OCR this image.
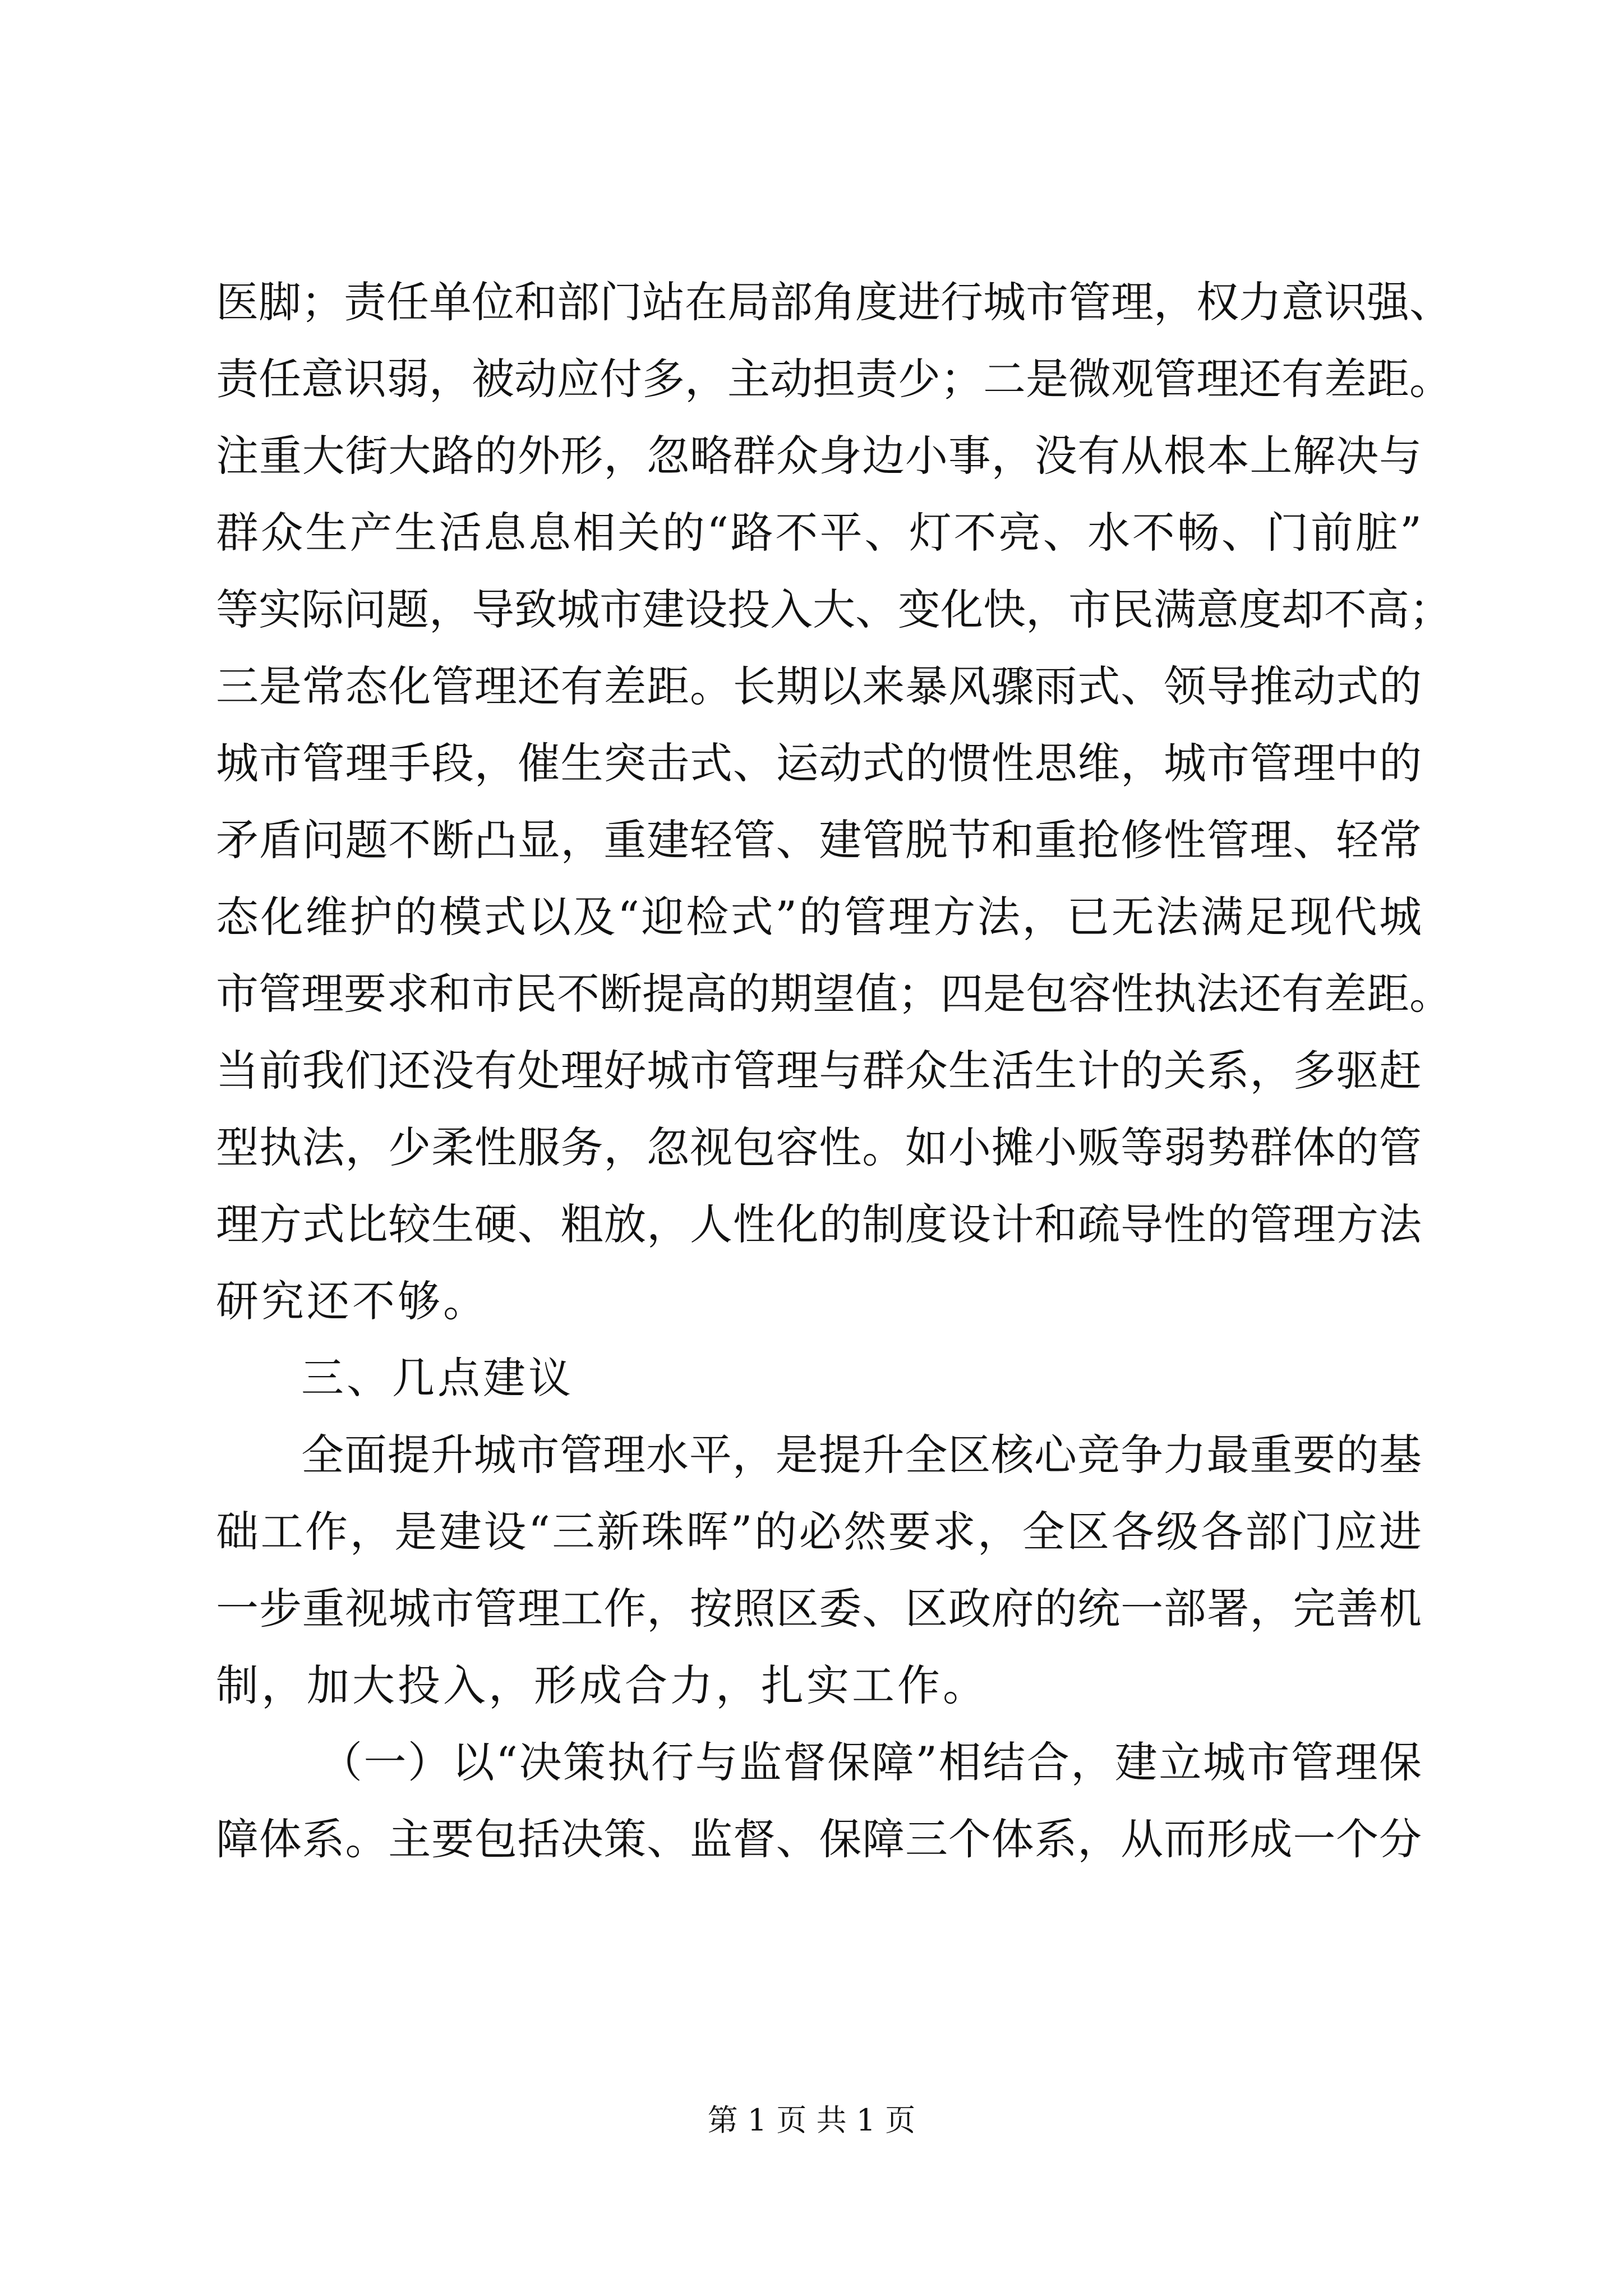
医脚；责任单位和部门站在局部角度进行城市管理，权力意识强、
责任意识弱，被动应付多，主动担责少；二是微观管理还有差距。
注重大街大路的外形，忽略群众身边小事，没有从根本上解决与
群众生产生活息息相关的“路不平、灯不亮、水不畅、门前脏”
等实际问题，导致城市建设投入大、变化快，市民满意度却不高；
三是常态化管理还有差距。长期以来暴风骤雨式、领导推动式的
城市管理手段，催生突击式、运动式的惯性思维，城市管理中的
矛盾问题不断凸显，重建轻管、建管脱节和重抢修性管理、轻常
态化维护的模式以及“迎检式”的管理方法，已无法满足现代城
市管理要求和市民不断提高的期望值；四是包容性执法还有差距。
当前我们还没有处理好城市管理与群众生活生计的关系，多驱赶
型执法，少柔性服务，忽视包容性。如小摊小贩等弱势群体的管
理方式比较生硬、粗放，人性化的制度设计和疏导性的管理方法
研究还不够。
三、几点建议
全面提升城市管理水平，是提升全区核心竞争力最重要的基
础工作，是建设“三新珠晖”的必然要求，全区各级各部门应进
一步重视城市管理工作，按照区委、区政府的统一部署，完善机
制，加大投入，形成合力，扎实工作。
（一）以“决策执行与监督保障”相结合，建立城市管理保
障体系。主要包括决策、监督、保障三个体系，从而形成一个分
第 1 页 共 1 页
